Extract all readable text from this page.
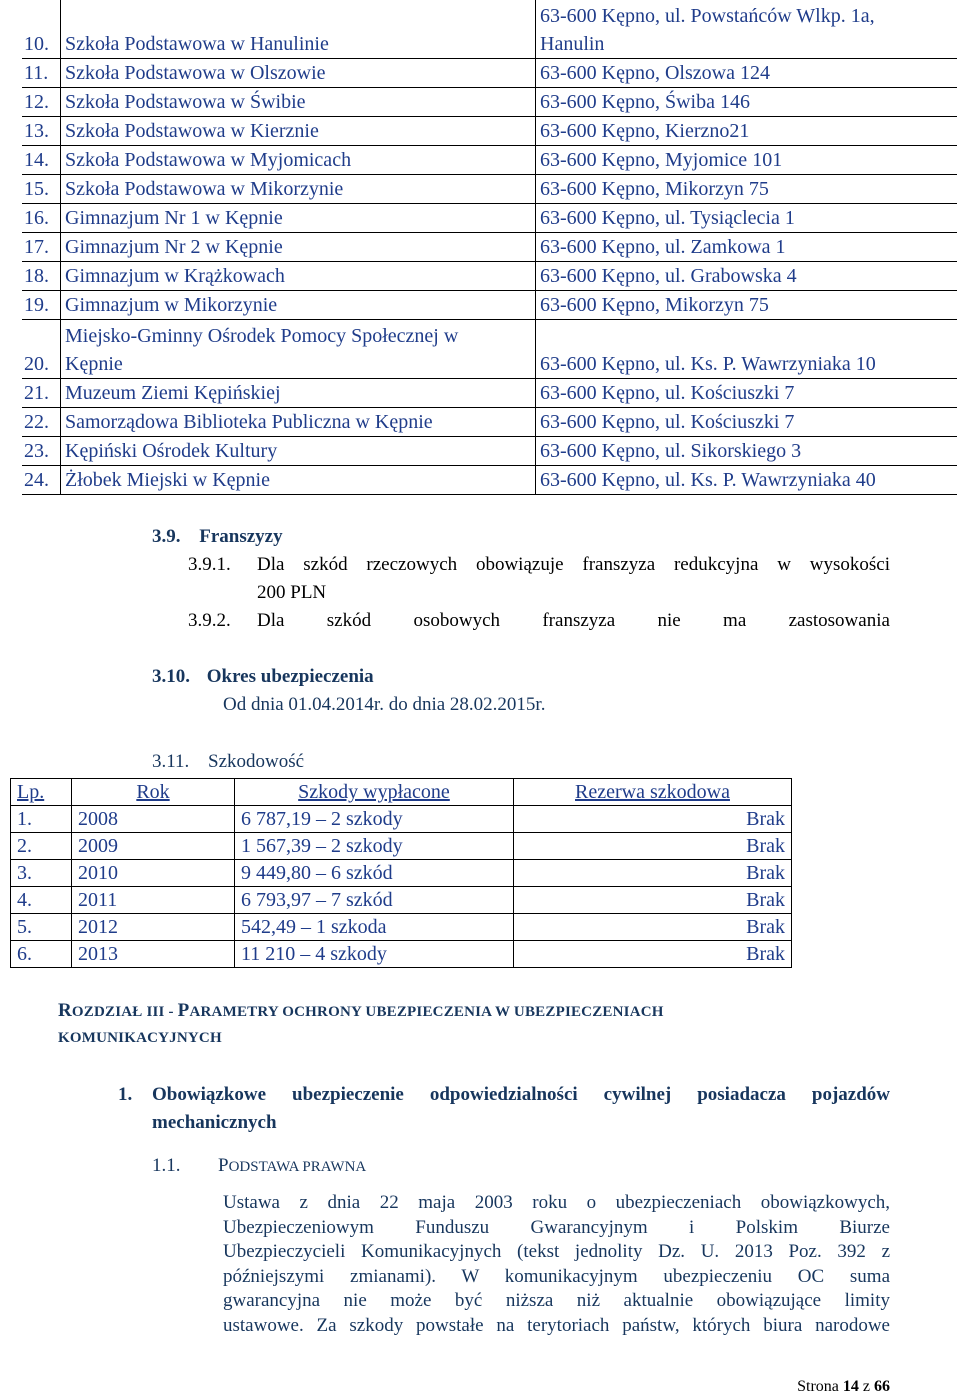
10.	Szkoła Podstawowa w Hanulinie	63-600 Kępno, ul. Powstańców Wlkp. 1a,
Hanulin

11.	Szkoła Podstawowa w Olszowie	63-600 Kępno, Olszowa 124
12.	Szkoła Podstawowa w Świbie	63-600 Kępno, Świba 146
13.	Szkoła Podstawowa w Kierznie	63-600 Kępno, Kierzno21
14.	Szkoła Podstawowa w Myjomicach	63-600 Kępno, Myjomice 101
15.	Szkoła Podstawowa w Mikorzynie	63-600 Kępno, Mikorzyn 75
16.	Gimnazjum Nr 1 w Kępnie	63-600 Kępno, ul. Tysiąclecia 1
17.	Gimnazjum Nr 2 w Kępnie	63-600 Kępno, ul. Zamkowa 1
18.	Gimnazjum w Krążkowach	63-600 Kępno, ul. Grabowska 4
19.	Gimnazjum w Mikorzynie	63-600 Kępno, Mikorzyn 75
20.	Miejsko-Gminny Ośrodek Pomocy Społecznej w
Kępnie	63-600 Kępno, ul. Ks. P. Wawrzyniaka 10
21.	Muzeum Ziemi Kępińskiej	63-600 Kępno, ul. Kościuszki 7
22.	Samorządowa Biblioteka Publiczna w Kępnie	63-600 Kępno, ul. Kościuszki 7
23.	Kępiński Ośrodek Kultury	63-600 Kępno, ul. Sikorskiego 3
24.	Żłobek Miejski w Kępnie	63-600 Kępno, ul. Ks. P. Wawrzyniaka 40
3.9. Franszyzy
3.9.1. Dla szkód rzeczowych obowiązuje franszyza redukcyjna w wysokości
200 PLN
3.9.2. Dla szkód osobowych franszyza nie ma zastosowania
3.10. Okres ubezpieczenia
Od dnia 01.04.2014r. do dnia 28.02.2015r.
3.11. Szkodowość
Lp.	Rok	Szkody wypłacone	Rezerwa szkodowa
1.	2008	6 787,19 – 2 szkody	Brak
2.	2009	1 567,39 – 2 szkody	Brak
3.	2010	9 449,80 – 6 szkód	Brak
4.	2011	6 793,97 – 7 szkód	Brak
5.	2012	542,49 – 1 szkoda	Brak
6.	2013	11 210 – 4 szkody	Brak
ROZDZIAŁ III - PARAMETRY OCHRONY UBEZPIECZENIA W UBEZPIECZENIACH
KOMUNIKACYJNYCH
1. Obowiązkowe ubezpieczenie odpowiedzialności cywilnej posiadacza pojazdów
mechanicznych
1.1. PODSTAWA PRAWNA
Ustawa z dnia 22 maja 2003 roku o ubezpieczeniach obowiązkowych,
Ubezpieczeniowym Funduszu Gwarancyjnym i Polskim Biurze
Ubezpieczycieli Komunikacyjnych (tekst jednolity Dz. U. 2013 Poz. 392 z
późniejszymi zmianami). W komunikacyjnym ubezpieczeniu OC suma
gwarancyjna nie może być niższa niż aktualnie obowiązujące limity
ustawowe. Za szkody powstałe na terytoriach państw, których biura narodowe
Strona 14 z 66
